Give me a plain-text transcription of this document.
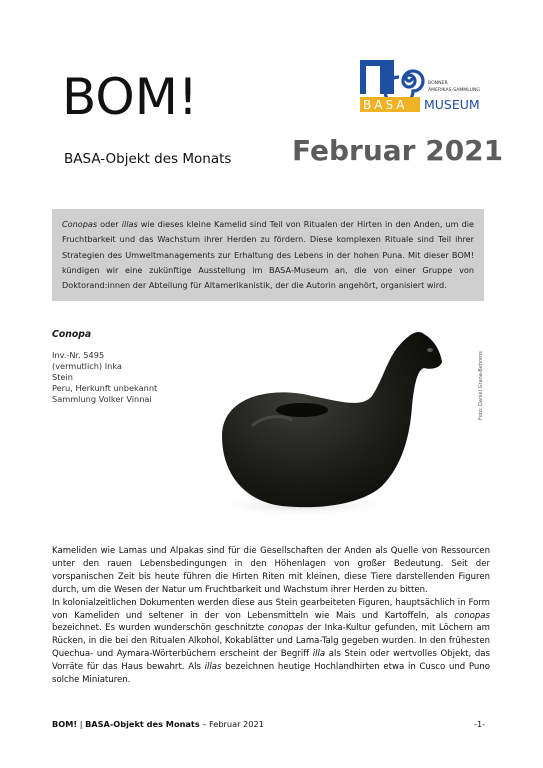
BOM!
BASA-Objekt des Monats
BONNER
AMERIKAS-SAMMLUNG
BASA MUSEUM
Februar 2021
Conopas oder illas wie dieses kleine Kamelid sind Teil von Ritualen der Hirten in den Anden, um die Fruchtbarkeit und das Wachstum ihrer Herden zu fördern. Diese komplexen Rituale sind Teil ihrer Strategien des Umweltmanagements zur Erhaltung des Lebens in der hohen Puna. Mit dieser BOM! kündigen wir eine zukünftige Ausstellung im BASA-Museum an, die von einer Gruppe von Doktorand:innen der Abteilung für Altamerikanistik, der die Autorin angehört, organisiert wird.
Conopa
Inv.-Nr. 5495
(vermutlich) Inka
Stein
Peru, Herkunft unbekannt
Sammlung Volker Vinnai	Foto: Daniel Grana-Behrens

Kameliden wie Lamas und Alpakas sind für die Gesellschaften der Anden als Quelle von Ressourcen unter den rauen Lebensbedingungen in den Höhenlagen von großer Bedeutung. Seit der vorspanischen Zeit bis heute führen die Hirten Riten mit kleinen, diese Tiere darstellenden Figuren durch, um die Wesen der Natur um Fruchtbarkeit und Wachstum ihrer Herden zu bitten.

In kolonialzeitlichen Dokumenten werden diese aus Stein gearbeiteten Figuren, hauptsächlich in Form von Kameliden und seltener in der von Lebensmitteln wie Mais und Kartoffeln, als conopas bezeichnet. Es wurden wunderschön geschnitzte conopas der Inka-Kultur gefunden, mit Löchern am Rücken, in die bei den Ritualen Alkohol, Kokablätter und Lama-Talg gegeben wurden. In den frühesten Quechua- und Aymara-Wörterbüchern erscheint der Begriff illa als Stein oder wertvolles Objekt, das Vorräte für das Haus bewahrt. Als illas bezeichnen heutige Hochlandhirten etwa in Cusco und Puno solche Miniaturen.

BOM! | BASA-Objekt des Monats – Februar 2021	-1-
